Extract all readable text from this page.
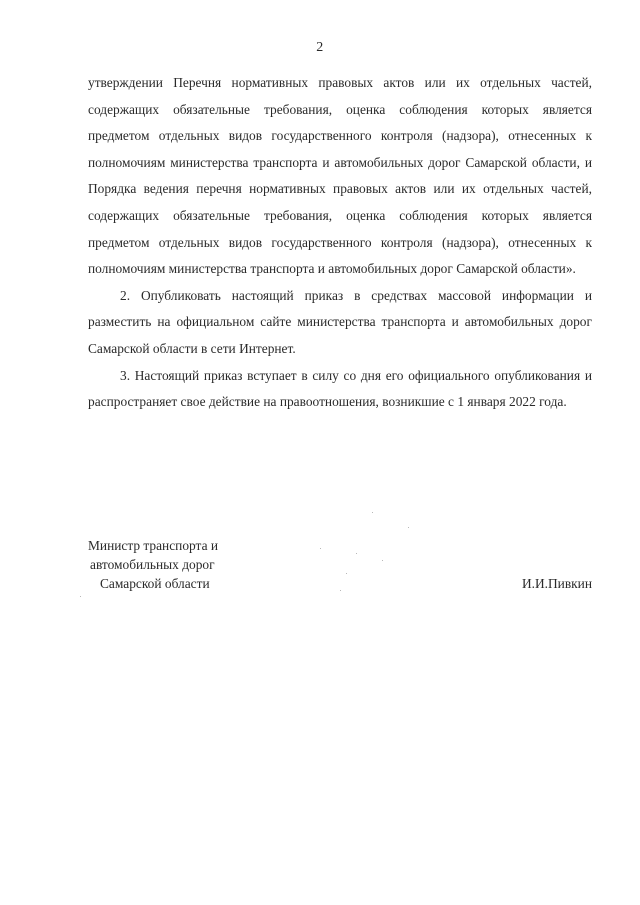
2

утверждении Перечня нормативных правовых актов или их отдельных частей, содержащих обязательные требования, оценка соблюдения которых является предметом отдельных видов государственного контроля (надзора), отнесенных к полномочиям министерства транспорта и автомобильных дорог Самарской области, и Порядка ведения перечня нормативных правовых актов или их отдельных частей, содержащих обязательные требования, оценка соблюдения которых является предметом отдельных видов государственного контроля (надзора), отнесенных к полномочиям министерства транспорта и автомобильных дорог Самарской области».

2. Опубликовать настоящий приказ в средствах массовой информации и разместить на официальном сайте министерства транспорта и автомобильных дорог Самарской области в сети Интернет.

3. Настоящий приказ вступает в силу со дня его официального опубликования и распространяет свое действие на правоотношения, возникшие с 1 января 2022 года.

Министр транспорта и
автомобильных дорог
Самарской области	И.И.Пивкин
